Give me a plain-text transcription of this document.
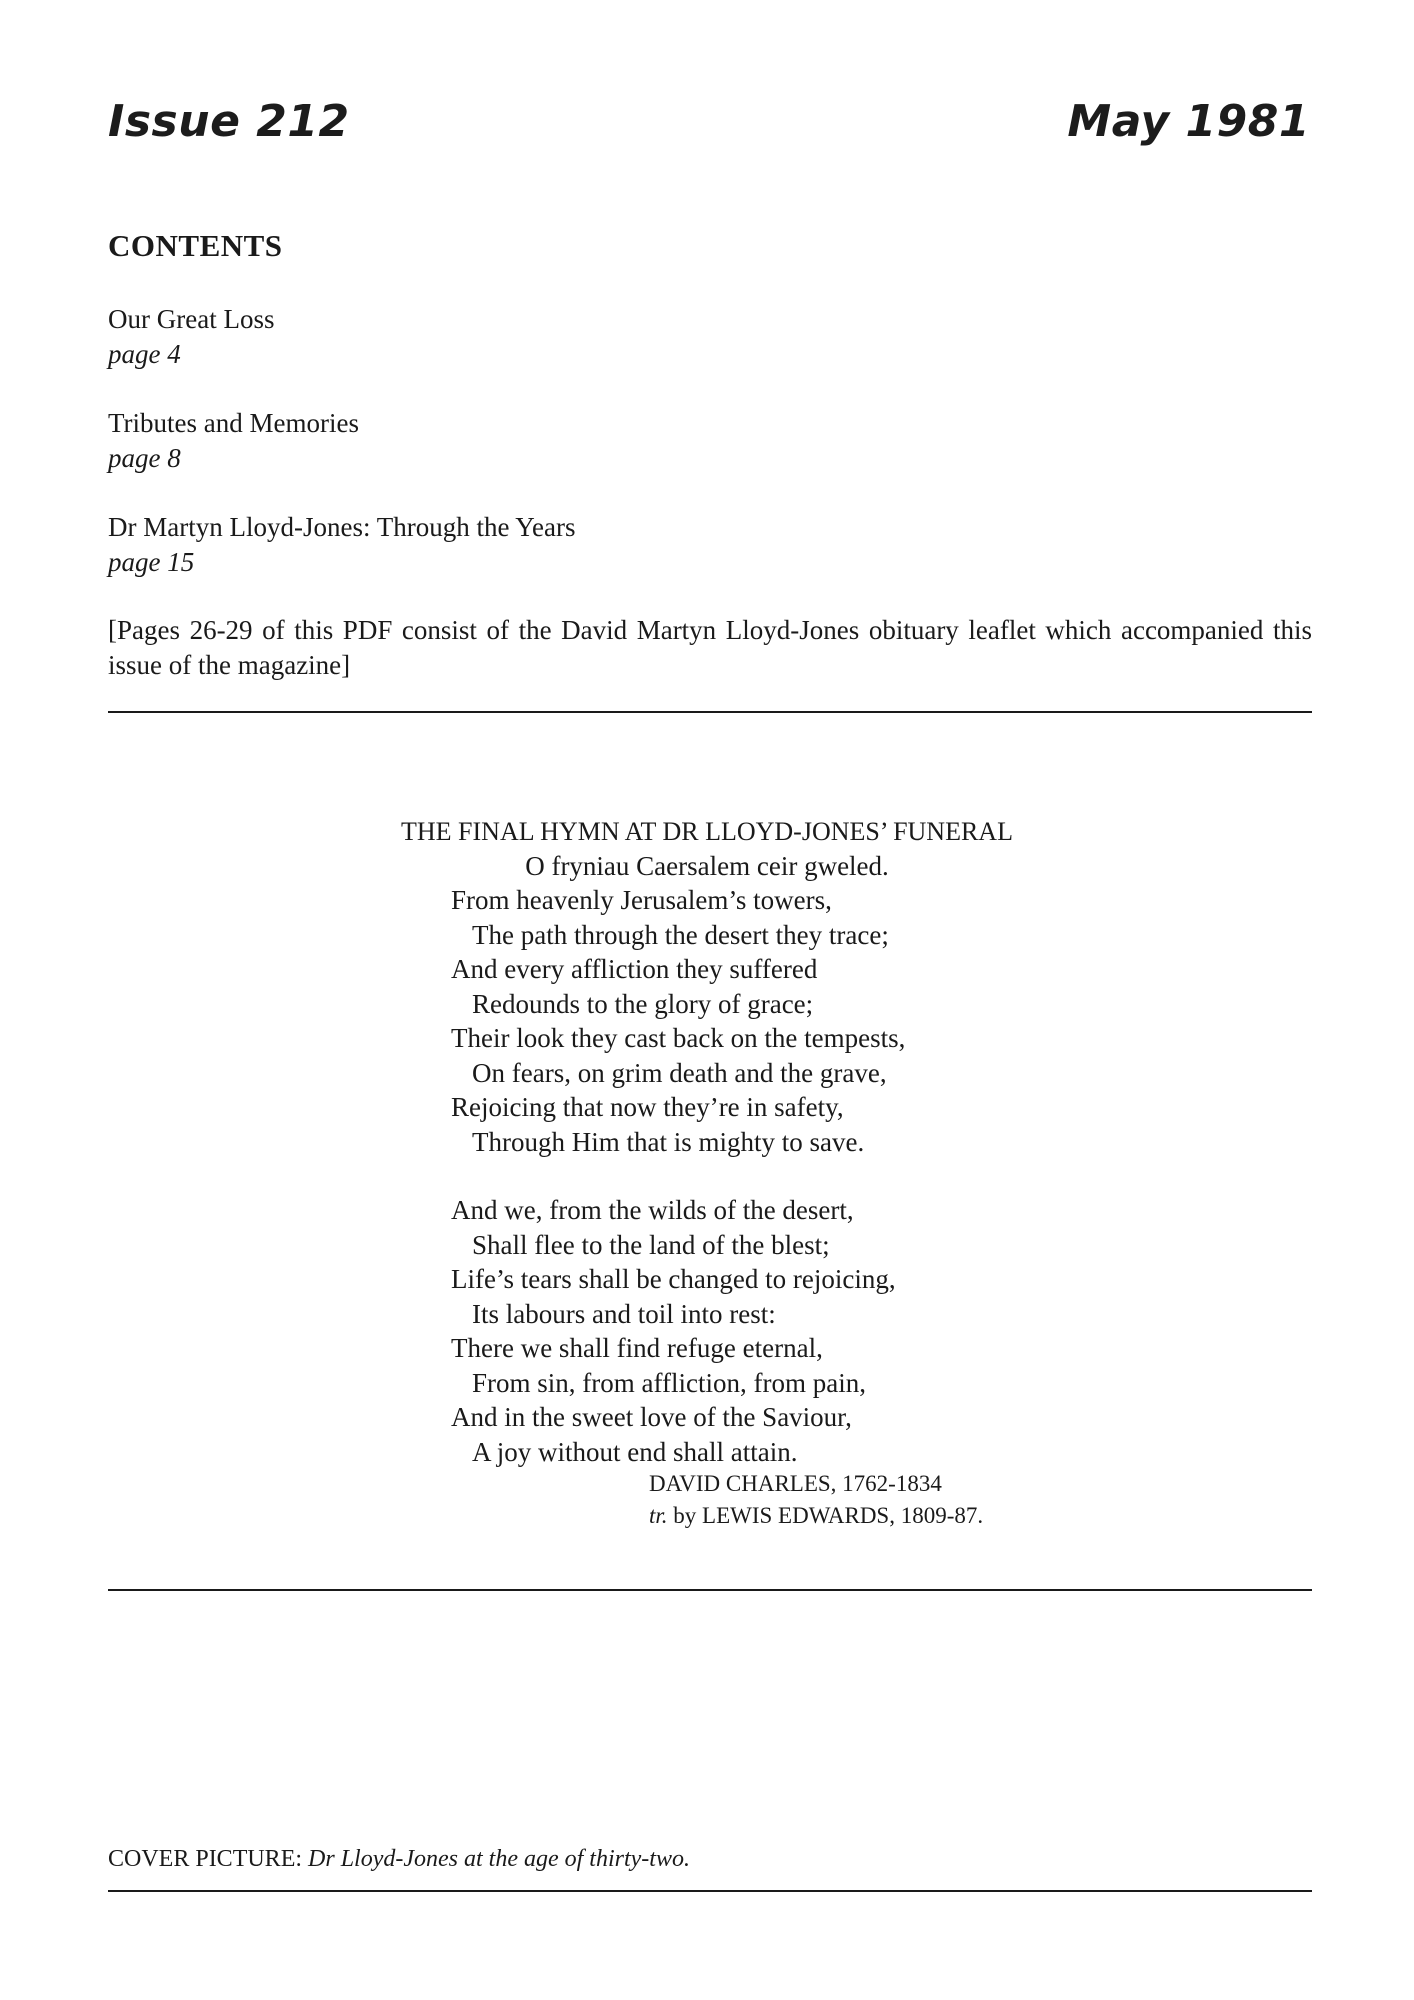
Issue 212	May 1981
CONTENTS
Our Great Loss
page 4
Tributes and Memories
page 8
Dr Martyn Lloyd-Jones: Through the Years
page 15
[Pages 26-29 of this PDF consist of the David Martyn Lloyd-Jones obituary leaflet which accompanied this issue of the magazine]
THE FINAL HYMN AT DR LLOYD-JONES’ FUNERAL
O fryniau Caersalem ceir gweled.
From heavenly Jerusalem’s towers,
The path through the desert they trace;
And every affliction they suffered
Redounds to the glory of grace;
Their look they cast back on the tempests,
On fears, on grim death and the grave,
Rejoicing that now they’re in safety,
Through Him that is mighty to save.
And we, from the wilds of the desert,
Shall flee to the land of the blest;
Life’s tears shall be changed to rejoicing,
Its labours and toil into rest:
There we shall find refuge eternal,
From sin, from affliction, from pain,
And in the sweet love of the Saviour,
A joy without end shall attain.
DAVID CHARLES, 1762-1834
tr. by LEWIS EDWARDS, 1809-87.
COVER PICTURE: Dr Lloyd-Jones at the age of thirty-two.
